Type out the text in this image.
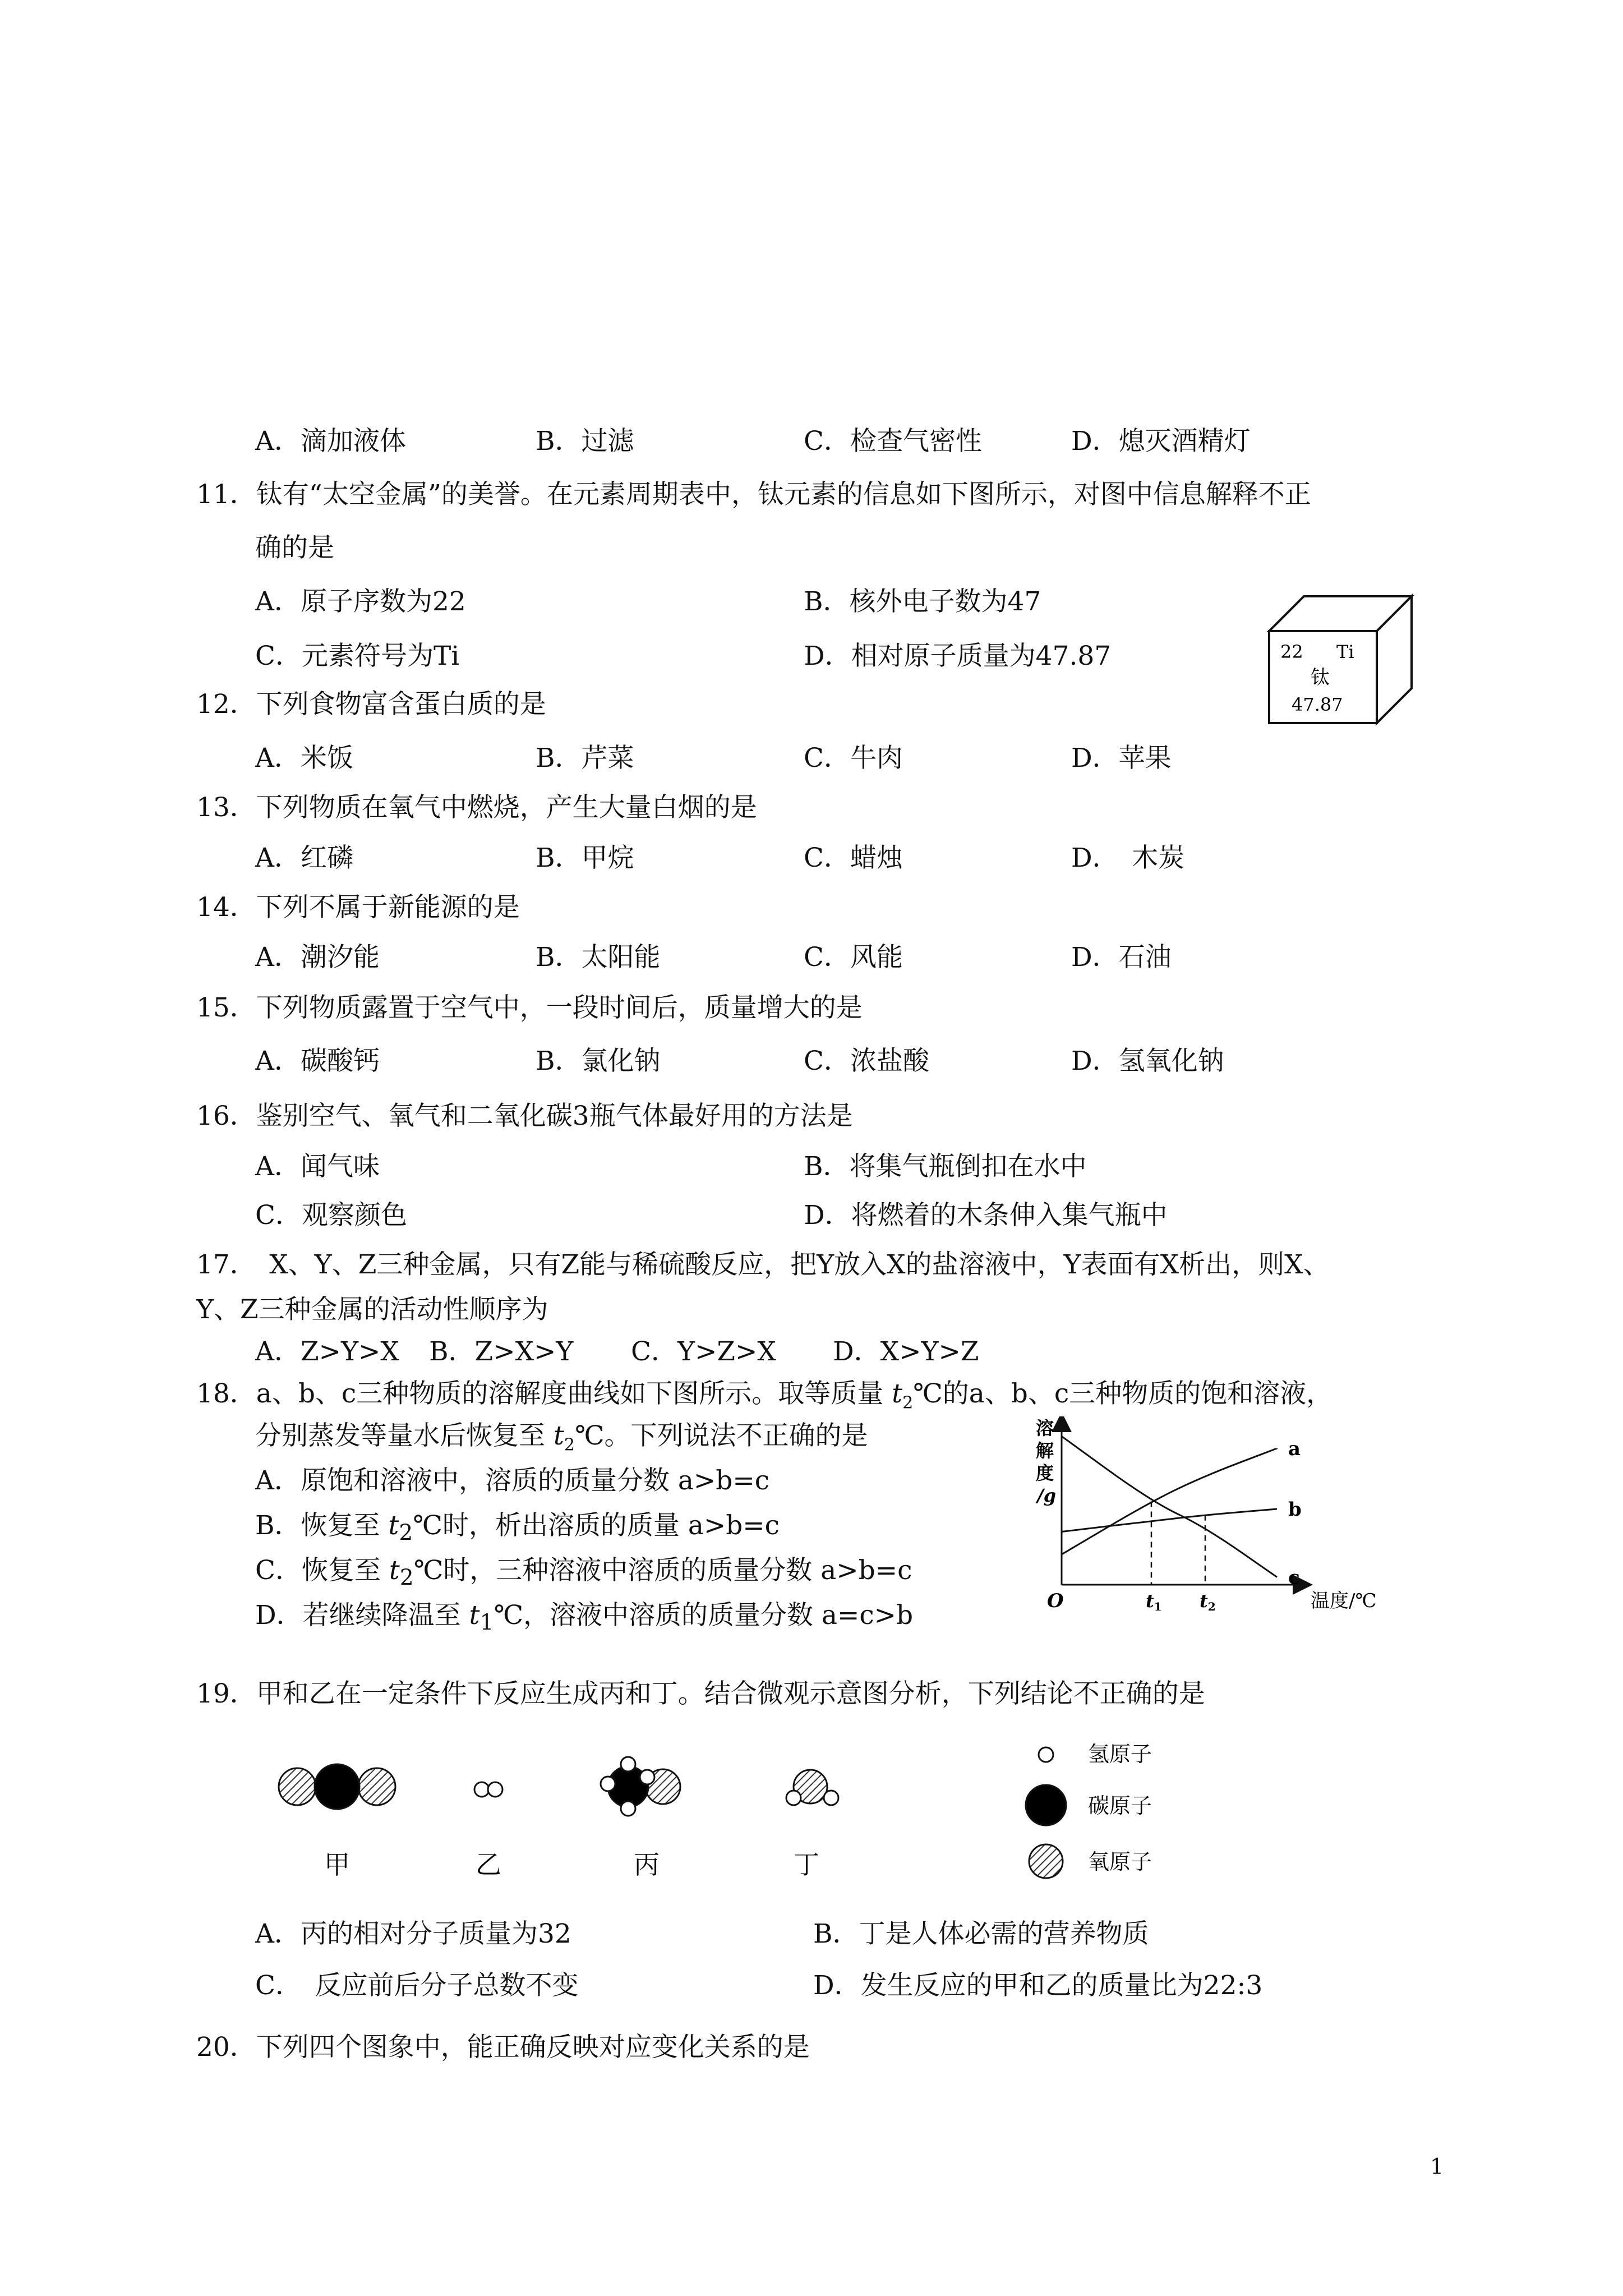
A．滴加液体	B．过滤	C．检查气密性	D．熄灭酒精灯
11．钛有“太空金属”的美誉。在元素周期表中，钛元素的信息如下图所示，对图中信息解释不正
确的是
A．原子序数为22	B．核外电子数为47
C．元素符号为Ti	D．相对原子质量为47.87	22 Ti
钛
47.87
12．下列食物富含蛋白质的是
A．米饭	B．芹菜	C．牛肉	D．苹果
13．下列物质在氧气中燃烧，产生大量白烟的是
A．红磷	B．甲烷	C．蜡烛	D．　木炭
14．下列不属于新能源的是
A．潮汐能	B．太阳能	C．风能	D．石油
15．下列物质露置于空气中，一段时间后，质量增大的是
A．碳酸钙	B．氯化钠	C．浓盐酸	D．氢氧化钠
16．鉴别空气、氧气和二氧化碳3瓶气体最好用的方法是
A．闻气味	B．将集气瓶倒扣在水中
C．观察颜色	D．将燃着的木条伸入集气瓶中
17．　X、Y、Z三种金属，只有Z能与稀硫酸反应，把Y放入X的盐溶液中，Y表面有X析出，则X、
Y、Z三种金属的活动性顺序为
A．Z>Y>X B．Z>X>Y C．Y>Z>X D．X>Y>Z
18．a、b、c三种物质的溶解度曲线如下图所示。取等质量 $t_2℃$的a、b、c三种物质的饱和溶液，
分别蒸发等量水后恢复至 $t_2℃$。下列说法不正确的是
A．原饱和溶液中，溶质的质量分数 a>b=c
B．恢复至 $t_2℃$时，析出溶质的质量 a>b=c
C．恢复至 $t_2℃$时，三种溶液中溶质的质量分数 a>b=c
D．若继续降温至 $t_1℃$，溶液中溶质的质量分数 a=c>b
溶
解
度
/g
O	温度/℃
a
b
c
t1 t2
19．甲和乙在一定条件下反应生成丙和丁。结合微观示意图分析，下列结论不正确的是
甲	乙	丙	丁
氢原子
碳原子
氧原子
A．丙的相对分子质量为32	B．丁是人体必需的营养物质
C．　反应前后分子总数不变	D．发生反应的甲和乙的质量比为22:3
20．下列四个图象中，能正确反映对应变化关系的是
1
